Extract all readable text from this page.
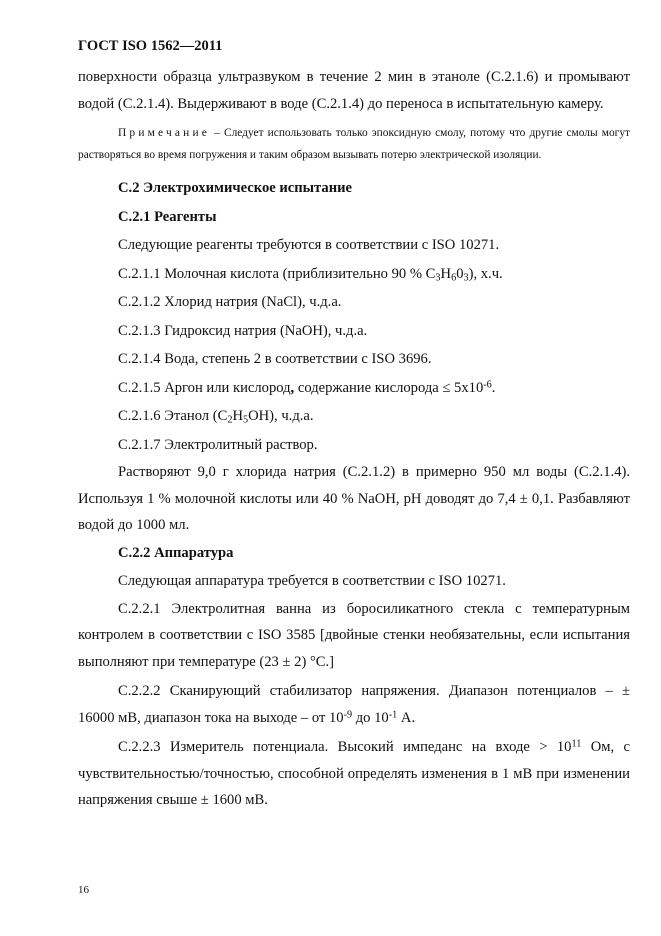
ГОСТ ISO 1562—2011

поверхности образца ультразвуком в течение 2 мин в этаноле (С.2.1.6) и промывают водой (С.2.1.4). Выдерживают в воде (С.2.1.4) до переноса в испытательную камеру.

Примечание – Следует использовать только эпоксидную смолу, потому что другие смолы могут растворяться во время погружения и таким образом вызывать потерю электрической изоляции.

С.2 Электрохимическое испытание

С.2.1 Реагенты

Следующие реагенты требуются в соответствии с ISO 10271.

С.2.1.1 Молочная кислота (приблизительно 90 % $С_3H_60_3$), х.ч.

С.2.1.2 Хлорид натрия (NaCl), ч.д.а.

С.2.1.3 Гидроксид натрия (NaOH), ч.д.а.

С.2.1.4 Вода, степень 2 в соответствии с ISO 3696.

С.2.1.5 Аргон или кислород, содержание кислорода ≤ $5х10^{-6}$.

С.2.1.6 Этанол $(С_2H_5OH)$, ч.д.а.

С.2.1.7 Электролитный раствор.

Растворяют 9,0 г хлорида натрия (С.2.1.2) в примерно 950 мл воды (С.2.1.4). Используя 1 % молочной кислоты или 40 % NaOH, pH доводят до 7,4 ± 0,1. Разбавляют водой до 1000 мл.

С.2.2 Аппаратура

Следующая аппаратура требуется в соответствии с ISO 10271.

С.2.2.1 Электролитная ванна из боросиликатного стекла с температурным контролем в соответствии с ISO 3585 [двойные стенки необязательны, если испытания выполняют при температуре (23 ± 2) °С.]

С.2.2.2 Сканирующий стабилизатор напряжения. Диапазон потенциалов – ± 16000 мВ, диапазон тока на выходе – от $10^{-9}$ до $10^{-1}$ А.

С.2.2.3 Измеритель потенциала. Высокий импеданс на входе > $10^{11}$ Ом, с чувствительностью/точностью, способной определять изменения в 1 мВ при изменении напряжения свыше ± 1600 мВ.

16
